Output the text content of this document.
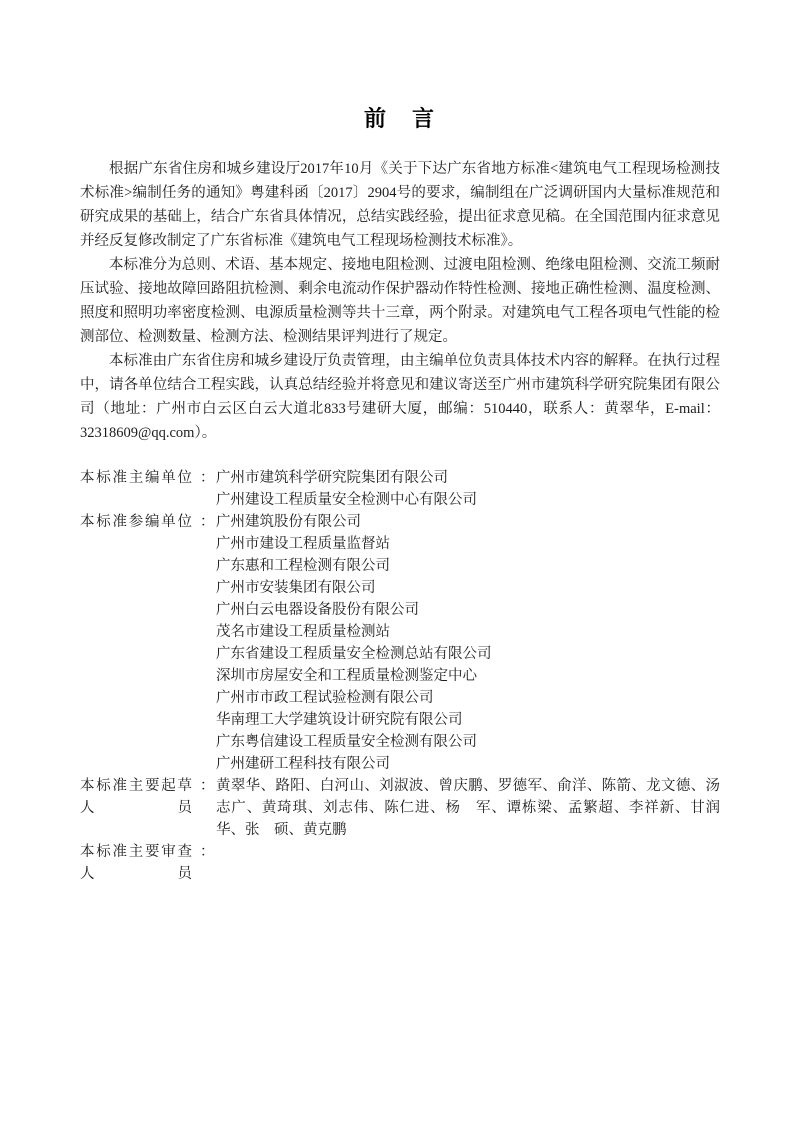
前　言

根据广东省住房和城乡建设厅2017年10月《关于下达广东省地方标准<建筑电气工程现场检测技术标准>编制任务的通知》粤建科函〔2017〕2904号的要求，编制组在广泛调研国内大量标准规范和研究成果的基础上，结合广东省具体情况，总结实践经验，提出征求意见稿。在全国范围内征求意见并经反复修改制定了广东省标准《建筑电气工程现场检测技术标准》。

本标准分为总则、术语、基本规定、接地电阻检测、过渡电阻检测、绝缘电阻检测、交流工频耐压试验、接地故障回路阻抗检测、剩余电流动作保护器动作特性检测、接地正确性检测、温度检测、照度和照明功率密度检测、电源质量检测等共十三章，两个附录。对建筑电气工程各项电气性能的检测部位、检测数量、检测方法、检测结果评判进行了规定。

本标准由广东省住房和城乡建设厅负责管理，由主编单位负责具体技术内容的解释。在执行过程中，请各单位结合工程实践，认真总结经验并将意见和建议寄送至广州市建筑科学研究院集团有限公司（地址：广州市白云区白云大道北833号建研大厦，邮编：510440，联系人：黄翠华，E-mail：32318609@qq.com）。

本标准主编单位 ： 广州市建筑科学研究院集团有限公司
广州建设工程质量安全检测中心有限公司
本标准参编单位 ： 广州建筑股份有限公司
广州市建设工程质量监督站
广东惠和工程检测有限公司
广州市安装集团有限公司
广州白云电器设备股份有限公司
茂名市建设工程质量检测站
广东省建设工程质量安全检测总站有限公司
深圳市房屋安全和工程质量检测鉴定中心
广州市市政工程试验检测有限公司
华南理工大学建筑设计研究院有限公司
广东粤信建设工程质量安全检测有限公司
广州建研工程科技有限公司
本标准主要起草人员
： 黄翠华、路阳、白河山、刘淑波、曾庆鹏、罗德军、俞洋、陈箭、龙文德、汤志广、黄琦琪、刘志伟、陈仁进、杨　军、谭栋梁、孟繁超、李祥新、甘润华、张　硕、黄克鹏
本标准主要审查人员
：
